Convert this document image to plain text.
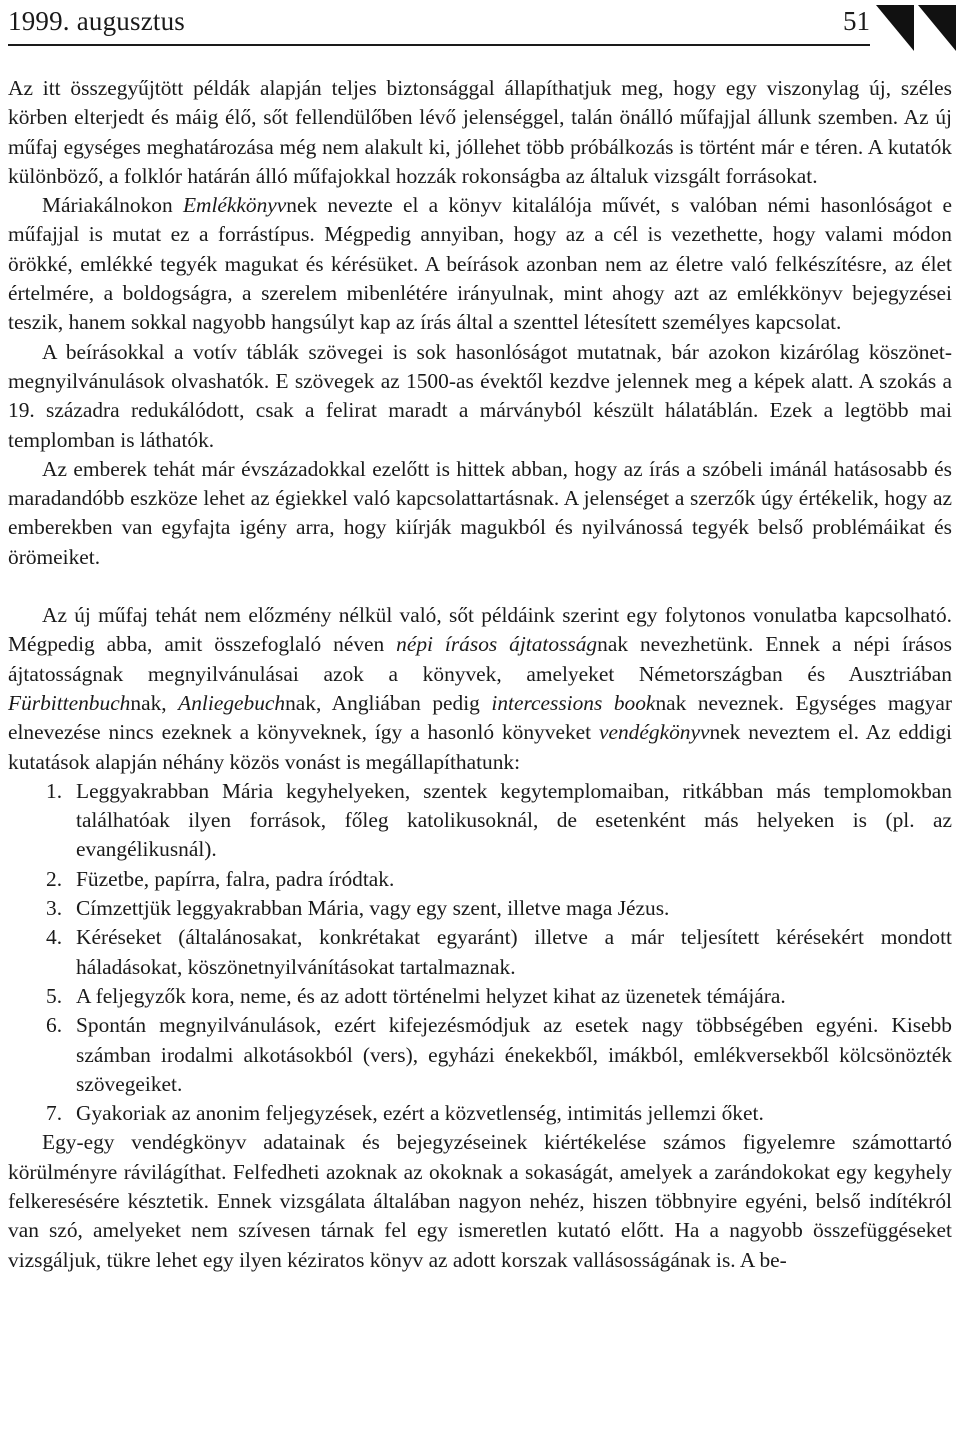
1999. augusztus	51

Az itt összegyűjtött példák alapján teljes biztonsággal állapíthatjuk meg, hogy egy viszonylag új, széles körben elterjedt és máig élő, sőt fellendülőben lévő jelenséggel, talán önálló műfajjal állunk szemben. Az új műfaj egységes meghatározása még nem alakult ki, jóllehet több próbálkozás is történt már e téren. A kutatók különböző, a folklór határán álló műfajokkal hozzák rokonságba az általuk vizsgált forrásokat.

Máriakálnokon Emlékkönyvnek nevezte el a könyv kitalálója művét, s valóban némi hasonlóságot e műfajjal is mutat ez a forrástípus. Mégpedig annyiban, hogy az a cél is vezethette, hogy valami módon örökké, emlékké tegyék magukat és kérésüket. A beírások azonban nem az életre való felkészítésre, az élet értelmére, a boldogságra, a szerelem mibenlétére irányulnak, mint ahogy azt az emlékkönyv bejegyzései teszik, hanem sokkal nagyobb hangsúlyt kap az írás által a szenttel létesített személyes kapcsolat.

A beírásokkal a votív táblák szövegei is sok hasonlóságot mutatnak, bár azokon kizárólag köszönet-megnyilvánulások olvashatók. E szövegek az 1500-as évektől kezdve jelennek meg a képek alatt. A szokás a 19. századra redukálódott, csak a felirat maradt a márványból készült hálatáblán. Ezek a legtöbb mai templomban is láthatók.

Az emberek tehát már évszázadokkal ezelőtt is hittek abban, hogy az írás a szóbeli imánál hatásosabb és maradandóbb eszköze lehet az égiekkel való kapcsolattartásnak. A jelenséget a szerzők úgy értékelik, hogy az emberekben van egyfajta igény arra, hogy kiírják magukból és nyilvánossá tegyék belső problémáikat és örömeiket.

Az új műfaj tehát nem előzmény nélkül való, sőt példáink szerint egy folytonos vonulatba kapcsolható. Mégpedig abba, amit összefoglaló néven népi írásos ájtatosságnak nevezhetünk. Ennek a népi írásos ájtatosságnak megnyilvánulásai azok a könyvek, amelyeket Németországban és Ausztriában Fürbittenbuchnak, Anliegebuchnak, Angliában pedig intercessions booknak neveznek. Egységes magyar elnevezése nincs ezeknek a könyveknek, így a hasonló könyveket vendégkönyvnek neveztem el. Az eddigi kutatások alapján néhány közös vonást is megállapíthatunk:

1. Leggyakrabban Mária kegyhelyeken, szentek kegytemplomaiban, ritkábban más templomokban találhatóak ilyen források, főleg katolikusoknál, de esetenként más helyeken is (pl. az evangélikusnál).
2. Füzetbe, papírra, falra, padra íródtak.
3. Címzettjük leggyakrabban Mária, vagy egy szent, illetve maga Jézus.
4. Kéréseket (általánosakat, konkrétakat egyaránt) illetve a már teljesített kérésekért mondott háladásokat, köszönetnyilvánításokat tartalmaznak.
5. A feljegyzők kora, neme, és az adott történelmi helyzet kihat az üzenetek témájára.
6. Spontán megnyilvánulások, ezért kifejezésmódjuk az esetek nagy többségében egyéni. Kisebb számban irodalmi alkotásokból (vers), egyházi énekekből, imákból, emlékversekből kölcsönözték szövegeiket.
7. Gyakoriak az anonim feljegyzések, ezért a közvetlenség, intimitás jellemzi őket.

Egy-egy vendégkönyv adatainak és bejegyzéseinek kiértékelése számos figyelemre számottartó körülményre rávilágíthat. Felfedheti azoknak az okoknak a sokaságát, amelyek a zarándokokat egy kegyhely felkeresésére késztetik. Ennek vizsgálata általában nagyon nehéz, hiszen többnyire egyéni, belső indítékról van szó, amelyeket nem szívesen tárnak fel egy ismeretlen kutató előtt. Ha a nagyobb összefüggéseket vizsgáljuk, tükre lehet egy ilyen kéziratos könyv az adott korszak vallásosságának is. A be-
